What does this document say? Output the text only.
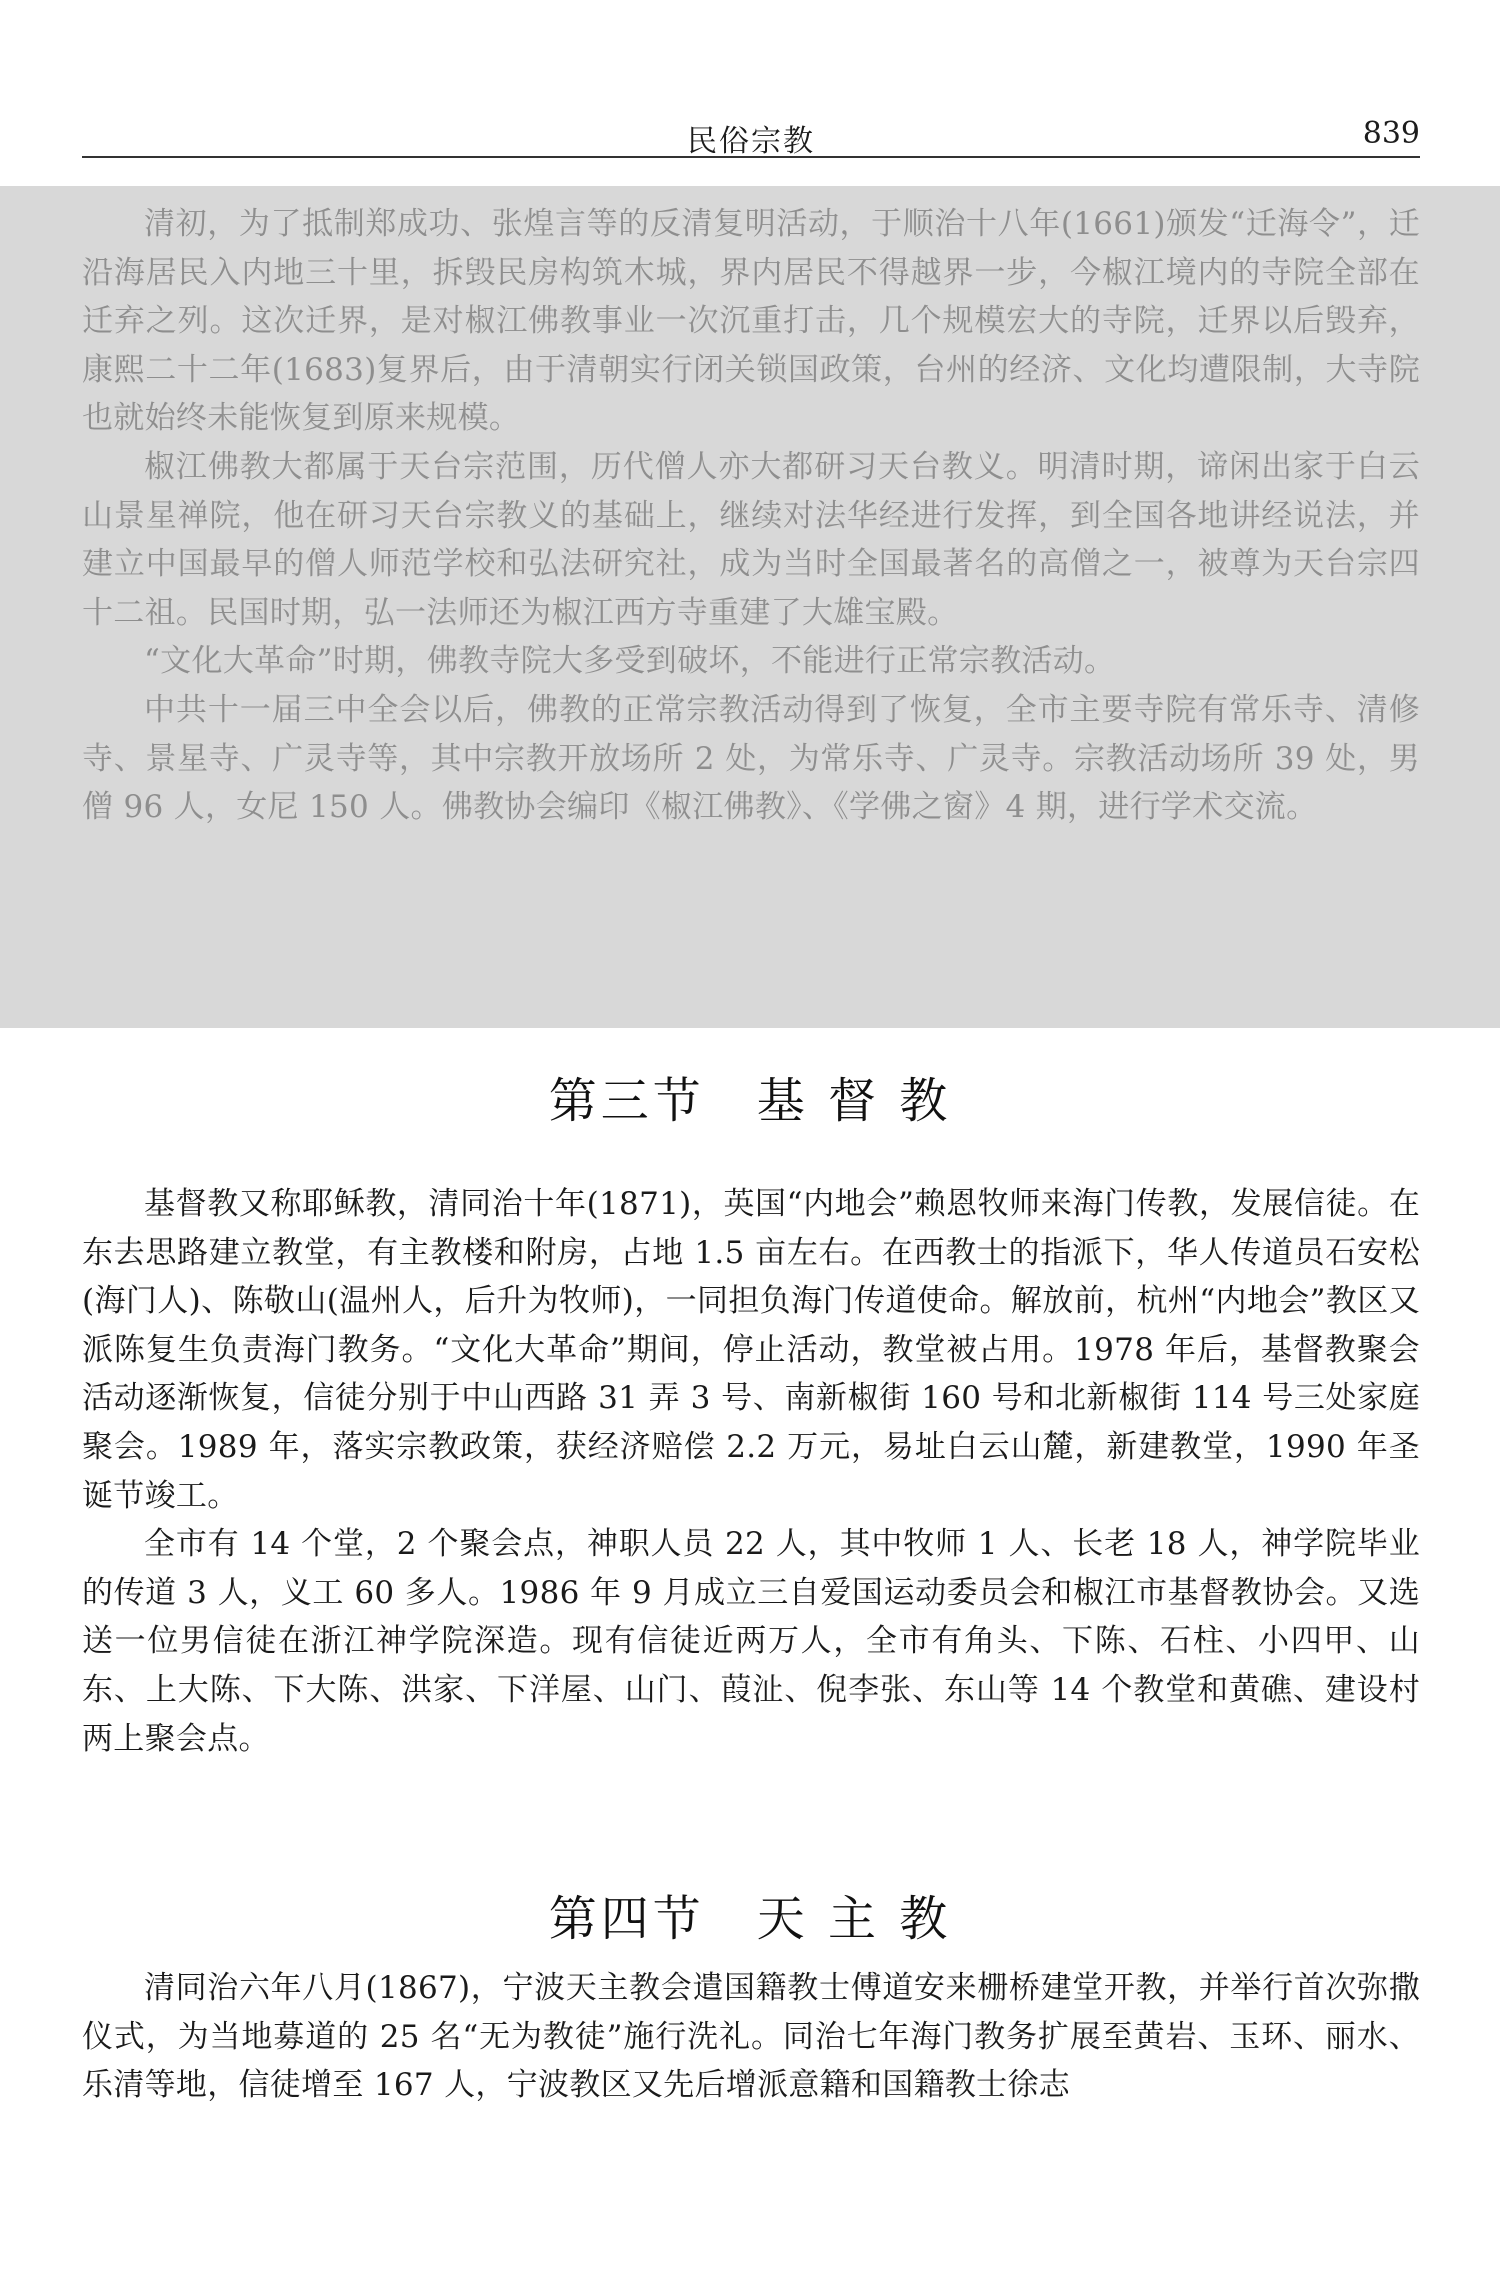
民俗宗教	839

清初，为了抵制郑成功、张煌言等的反清复明活动，于顺治十八年(1661)颁发“迁海令”，迁沿海居民入内地三十里，拆毁民房构筑木城，界内居民不得越界一步，今椒江境内的寺院全部在迁弃之列。这次迁界，是对椒江佛教事业一次沉重打击，几个规模宏大的寺院，迁界以后毁弃，康熙二十二年(1683)复界后，由于清朝实行闭关锁国政策，台州的经济、文化均遭限制，大寺院也就始终未能恢复到原来规模。

椒江佛教大都属于天台宗范围，历代僧人亦大都研习天台教义。明清时期，谛闲出家于白云山景星禅院，他在研习天台宗教义的基础上，继续对法华经进行发挥，到全国各地讲经说法，并建立中国最早的僧人师范学校和弘法研究社，成为当时全国最著名的高僧之一，被尊为天台宗四十二祖。民国时期，弘一法师还为椒江西方寺重建了大雄宝殿。

“文化大革命”时期，佛教寺院大多受到破坏，不能进行正常宗教活动。

中共十一届三中全会以后，佛教的正常宗教活动得到了恢复，全市主要寺院有常乐寺、清修寺、景星寺、广灵寺等，其中宗教开放场所 2 处，为常乐寺、广灵寺。宗教活动场所 39 处，男僧 96 人，女尼 150 人。佛教协会编印《椒江佛教》、《学佛之窗》4 期，进行学术交流。

第三节　基 督 教

基督教又称耶稣教，清同治十年(1871)，英国“内地会”赖恩牧师来海门传教，发展信徒。在东去思路建立教堂，有主教楼和附房，占地 1.5 亩左右。在西教士的指派下，华人传道员石安松(海门人)、陈敬山(温州人，后升为牧师)，一同担负海门传道使命。解放前，杭州“内地会”教区又派陈复生负责海门教务。“文化大革命”期间，停止活动，教堂被占用。1978 年后，基督教聚会活动逐渐恢复，信徒分别于中山西路 31 弄 3 号、南新椒街 160 号和北新椒街 114 号三处家庭聚会。1989 年，落实宗教政策，获经济赔偿 2.2 万元，易址白云山麓，新建教堂，1990 年圣诞节竣工。

全市有 14 个堂，2 个聚会点，神职人员 22 人，其中牧师 1 人、长老 18 人，神学院毕业的传道 3 人，义工 60 多人。1986 年 9 月成立三自爱国运动委员会和椒江市基督教协会。又选送一位男信徒在浙江神学院深造。现有信徒近两万人，全市有角头、下陈、石柱、小四甲、山东、上大陈、下大陈、洪家、下洋屋、山门、葭沚、倪李张、东山等 14 个教堂和黄礁、建设村两上聚会点。

第四节　天 主 教

清同治六年八月(1867)，宁波天主教会遣国籍教士傅道安来栅桥建堂开教，并举行首次弥撒仪式，为当地募道的 25 名“无为教徒”施行洗礼。同治七年海门教务扩展至黄岩、玉环、丽水、乐清等地，信徒增至 167 人，宁波教区又先后增派意籍和国籍教士徐志
